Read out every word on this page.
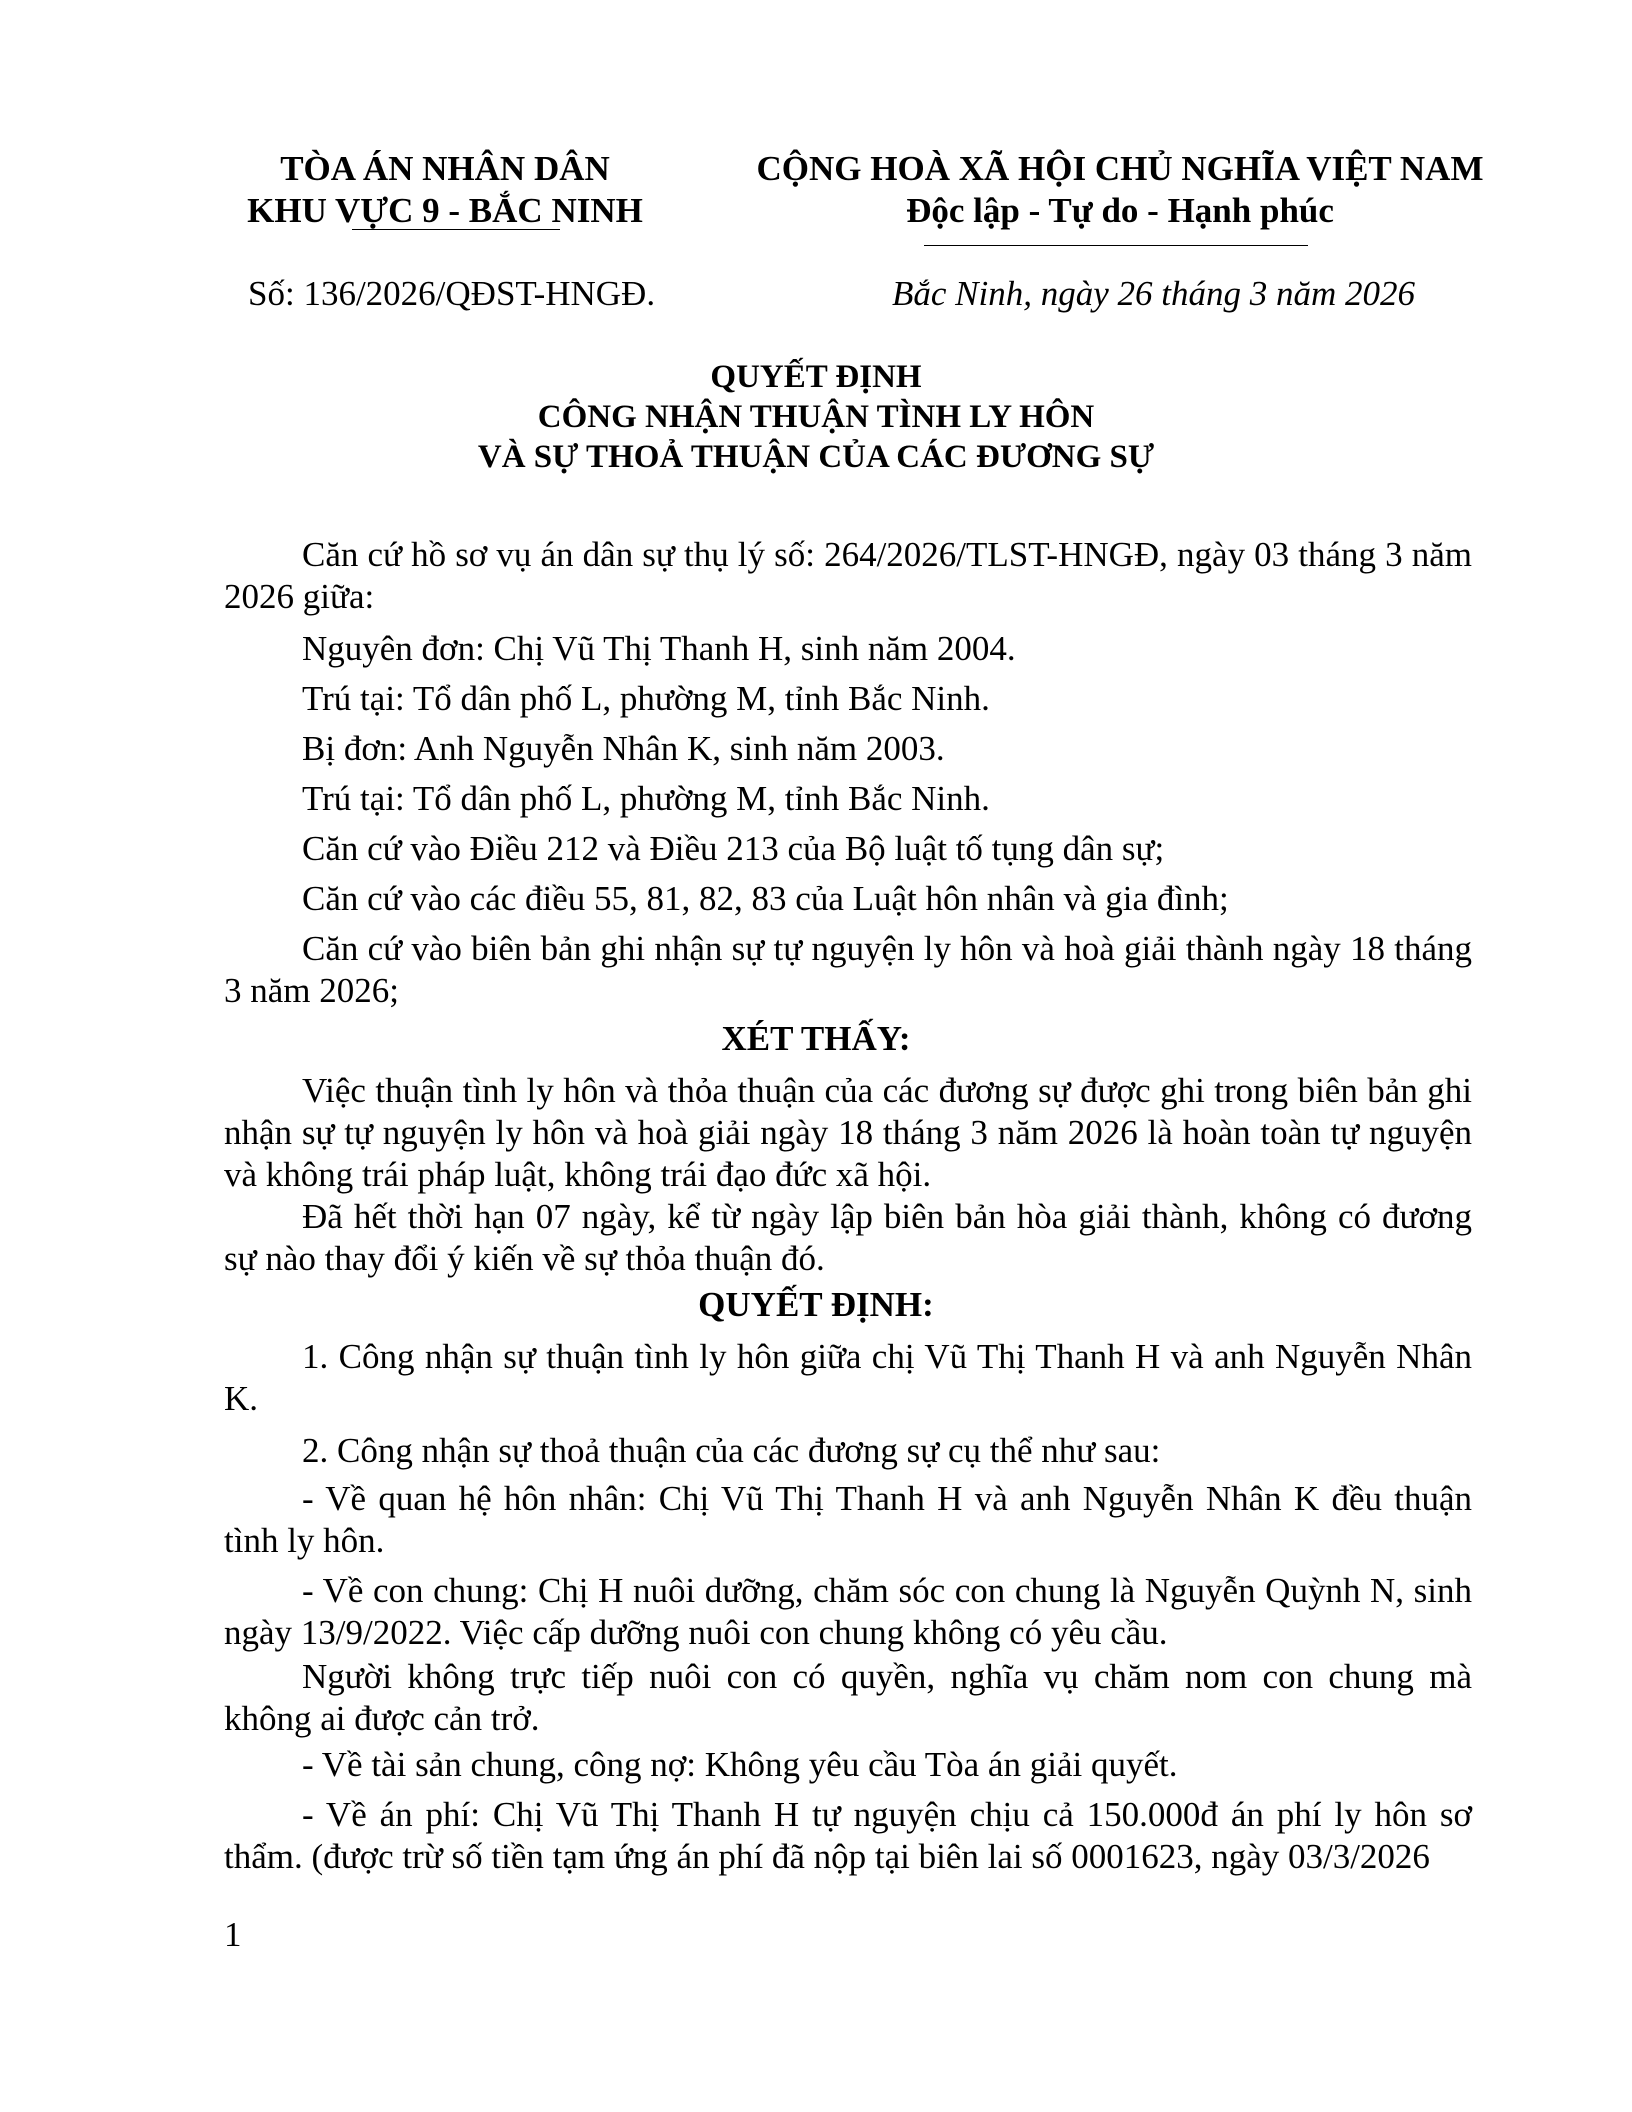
TÒA ÁN NHÂN DÂN
KHU VỰC 9 - BẮC NINH
CỘNG HOÀ XÃ HỘI CHỦ NGHĨA VIỆT NAM
Độc lập - Tự do - Hạnh phúc
Số: 136/2026/QĐST-HNGĐ.	Bắc Ninh, ngày 26 tháng 3 năm 2026
QUYẾT ĐỊNH
CÔNG NHẬN THUẬN TÌNH LY HÔN
VÀ SỰ THOẢ THUẬN CỦA CÁC ĐƯƠNG SỰ
Căn cứ hồ sơ vụ án dân sự thụ lý số: 264/2026/TLST-HNGĐ, ngày 03 tháng 3 năm 2026 giữa:
Nguyên đơn: Chị Vũ Thị Thanh H, sinh năm 2004.
Trú tại: Tổ dân phố L, phường M, tỉnh Bắc Ninh.
Bị đơn: Anh Nguyễn Nhân K, sinh năm 2003.
Trú tại: Tổ dân phố L, phường M, tỉnh Bắc Ninh.
Căn cứ vào Điều 212 và Điều 213 của Bộ luật tố tụng dân sự;
Căn cứ vào các điều 55, 81, 82, 83 của Luật hôn nhân và gia đình;
Căn cứ vào biên bản ghi nhận sự tự nguyện ly hôn và hoà giải thành ngày 18 tháng 3 năm 2026;
XÉT THẤY:
Việc thuận tình ly hôn và thỏa thuận của các đương sự được ghi trong biên bản ghi nhận sự tự nguyện ly hôn và hoà giải ngày 18 tháng 3 năm 2026 là hoàn toàn tự nguyện và không trái pháp luật, không trái đạo đức xã hội.
Đã hết thời hạn 07 ngày, kể từ ngày lập biên bản hòa giải thành, không có đương sự nào thay đổi ý kiến về sự thỏa thuận đó.
QUYẾT ĐỊNH:
1. Công nhận sự thuận tình ly hôn giữa chị Vũ Thị Thanh H và anh Nguyễn Nhân K.
2. Công nhận sự thoả thuận của các đương sự cụ thể như sau:
- Về quan hệ hôn nhân: Chị Vũ Thị Thanh H và anh Nguyễn Nhân K đều thuận tình ly hôn.
- Về con chung: Chị H nuôi dưỡng, chăm sóc con chung là Nguyễn Quỳnh N, sinh ngày 13/9/2022. Việc cấp dưỡng nuôi con chung không có yêu cầu.
Người không trực tiếp nuôi con có quyền, nghĩa vụ chăm nom con chung mà không ai được cản trở.
- Về tài sản chung, công nợ: Không yêu cầu Tòa án giải quyết.
- Về án phí: Chị Vũ Thị Thanh H tự nguyện chịu cả 150.000đ án phí ly hôn sơ thẩm. (được trừ số tiền tạm ứng án phí đã nộp tại biên lai số 0001623, ngày 03/3/2026
1
